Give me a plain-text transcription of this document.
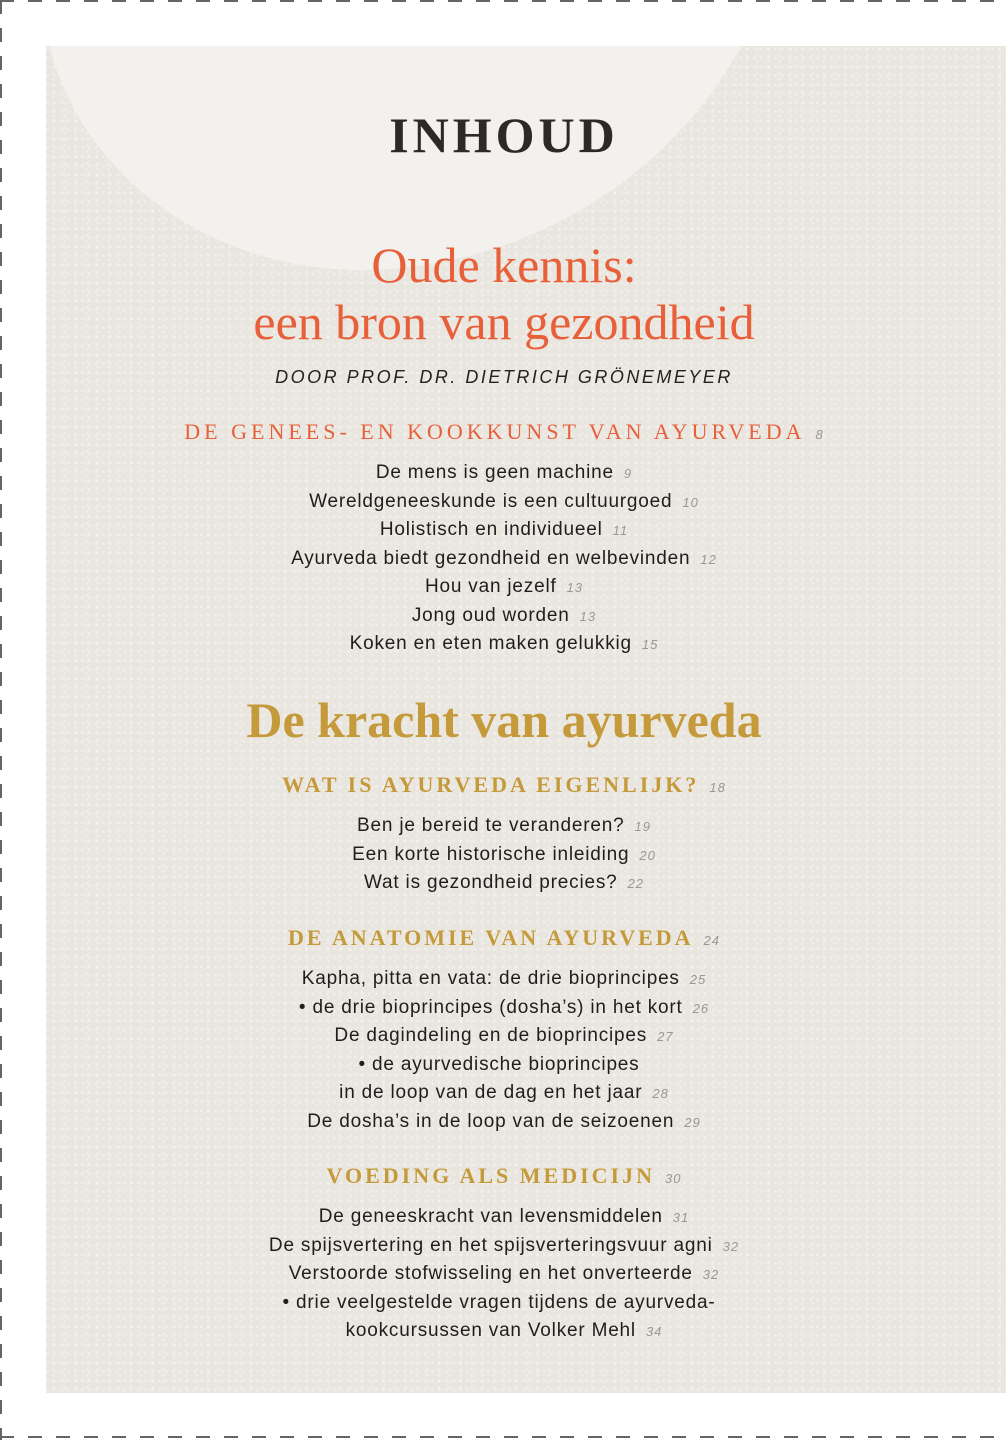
INHOUD
Oude kennis:
een bron van gezondheid
DOOR PROF. DR. DIETRICH GRÖNEMEYER
DE GENEES- EN KOOKKUNST VAN AYURVEDA 8
De mens is geen machine 9
Wereldgeneeskunde is een cultuurgoed 10
Holistisch en individueel 11
Ayurveda biedt gezondheid en welbevinden 12
Hou van jezelf 13
Jong oud worden 13
Koken en eten maken gelukkig 15
WAT IS AYURVEDA EIGENLIJK? 18
Ben je bereid te veranderen? 19
Een korte historische inleiding 20
Wat is gezondheid precies? 22
DE ANATOMIE VAN AYURVEDA 24
Kapha, pitta en vata: de drie bioprincipes 25
• de drie bioprincipes (dosha’s) in het kort 26
De dagindeling en de bioprincipes 27
• de ayurvedische bioprincipes
in de loop van de dag en het jaar 28
De dosha’s in de loop van de seizoenen 29
VOEDING ALS MEDICIJN 30
De geneeskracht van levensmiddelen 31
De spijsvertering en het spijsverteringsvuur agni 32
Verstoorde stofwisseling en het onverteerde 32
• drie veelgestelde vragen tijdens de ayurveda-
kookcursussen van Volker Mehl 34
De kracht van ayurveda
